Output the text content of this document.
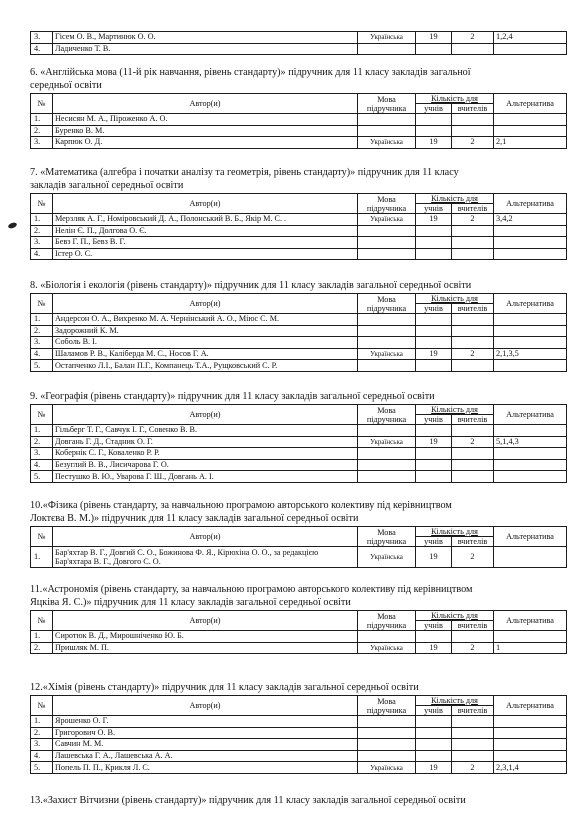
3.	Гісем О. В., Мартинюк О. О.	Українська	19	2	1,2,4
4.	Ладиченко Т. В.				
6. «Англійська мова (11-й рік навчання, рівень стандарту)» підручник для 11 класу закладів загальної
середньої освіти
№	Автор(и)	Мова підручника	Кількість для		Альтернатива
			учнів	вчителів	
1.	Несисян М. А., Піроженко А. О.				
2.	Буренко В. М.				
3.	Карпюк О. Д.	Українська	19	2	2,1
7. «Математика (алгебра і початки аналізу та геометрія, рівень стандарту)» підручник для 11 класу
закладів загальної середньої освіти
№	Автор(и)	Мова підручника	Кількість для		Альтернатива
			учнів	вчителів	
1.	Мерзляк А. Г., Номіровський Д. А., Полонський В. Б., Якір М. С. .	Українська	19	2	3,4,2
2.	Нелін Є. П., Долгова О. Є.				
3.	Бевз Г. П., Бевз В. Г.				
4.	Істер О. С.				
8. «Біологія і екологія (рівень стандарту)» підручник для 11 класу закладів загальної середньої освіти
№	Автор(и)	Мова підручника	Кількість для		Альтернатива
			учнів	вчителів	
1.	Андерсон О. А., Вихренко М. А. Чернінський А. О., Міюс С. М.				
2.	Задорожний К. М.				
3.	Соболь В. І.				
4.	Шаламов Р. В., Каліберда М. С., Носов Г. А.	Українська	19	2	2,1,3,5
5.	Остапченко Л.І., Балан П.Г., Компанець Т.А., Рущковський С. Р.				
9. «Географія (рівень стандарту)» підручник для 11 класу закладів загальної середньої освіти
№	Автор(и)	Мова підручника	Кількість для		Альтернатива
			учнів	вчителів	
1.	Гільберг Т. Г., Савчук І. Г., Совенко В. В.				
2.	Довгань Г. Д., Стадник О. Г.	Українська	19	2	5,1,4,3
3.	Кобернік С. Г., Коваленко Р. Р.				
4.	Безуглий В. В., Лисичарова Г. О.				
5.	Пестушко В. Ю., Уварова Г. Ш., Довгань А. І.				
10.«Фізика (рівень стандарту, за навчальною програмою авторського колективу під керівництвом
Локтєва В. М.)» підручник для 11 класу закладів загальної середньої освіти
№	Автор(и)	Мова підручника	Кількість для		Альтернатива
			учнів	вчителів	
1.	Бар'яхтар В. Г., Довгий С. О., Божинова Ф. Я., Кірюхіна О. О., за редакцією Бар'яхтара В. Г., Довгого С. О.	Українська	19	2	
11.«Астрономія (рівень стандарту, за навчальною програмою авторського колективу під керівництвом
Яцківа Я. С.)» підручник для 11 класу закладів загальної середньої освіти
№	Автор(и)	Мова підручника	Кількість для		Альтернатива
			учнів	вчителів	
1.	Сиротюк В. Д., Мирошніченко Ю. Б.				
2.	Пришляк М. П.	Українська	19	2	1
12.«Хімія (рівень стандарту)» підручник для 11 класу закладів загальної середньої освіти
№	Автор(и)	Мова підручника	Кількість для		Альтернатива
			учнів	вчителів	
1.	Ярошенко О. Г.				
2.	Григорович О. В.				
3.	Савчин М. М.				
4.	Лашевська Г. А., Лашевська А. А.				
5.	Попель П. П., Крикля Л. С.	Українська	19	2	2,3,1,4
13.«Захист Вітчизни (рівень стандарту)» підручник для 11 класу закладів загальної середньої освіти
